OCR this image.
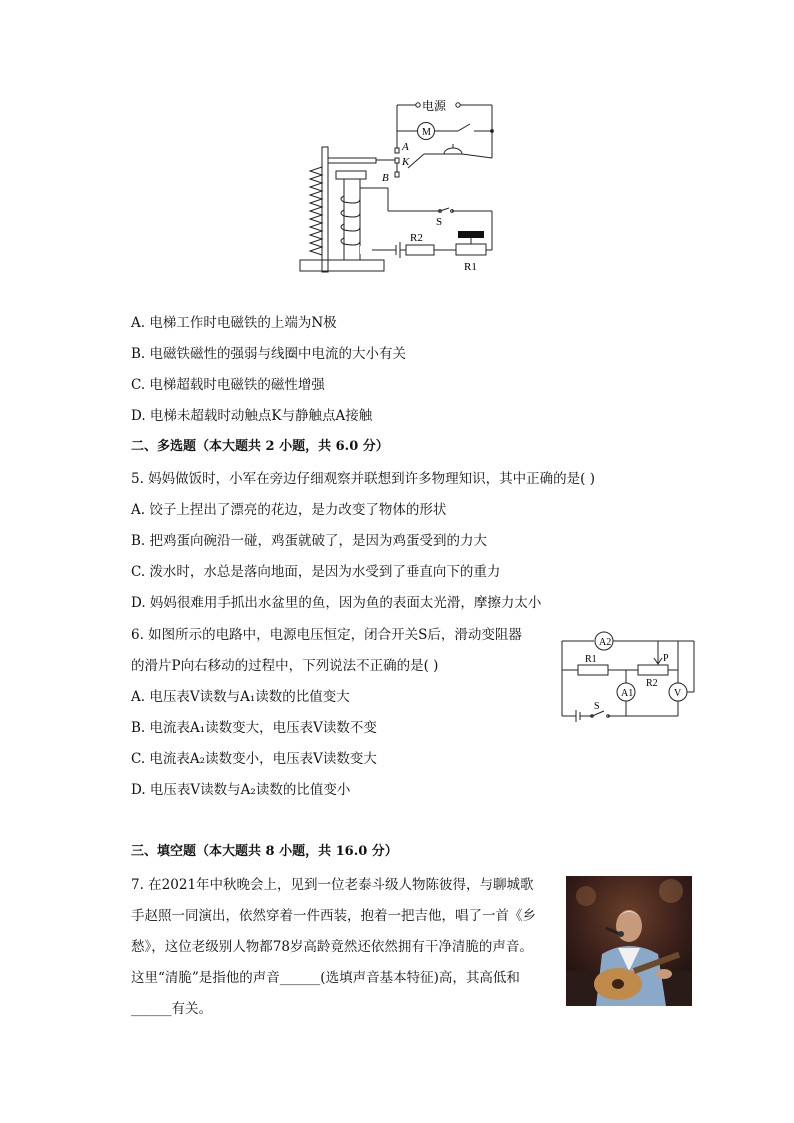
电源
M
A
K
B
S
R2
R1
A. 电梯工作时电磁铁的上端为N极
B. 电磁铁磁性的强弱与线圈中电流的大小有关
C. 电梯超载时电磁铁的磁性增强
D. 电梯未超载时动触点K与静触点A接触
二、多选题（本大题共 2 小题，共 6.0 分）
5. 妈妈做饭时，小军在旁边仔细观察并联想到许多物理知识，其中正确的是( )
A. 饺子上捏出了漂亮的花边，是力改变了物体的形状
B. 把鸡蛋向碗沿一碰，鸡蛋就破了，是因为鸡蛋受到的力大
C. 泼水时，水总是落向地面，是因为水受到了垂直向下的重力
D. 妈妈很难用手抓出水盆里的鱼，因为鱼的表面太光滑，摩擦力太小
6. 如图所示的电路中，电源电压恒定，闭合开关S后，滑动变阻器
的滑片P向右移动的过程中，下列说法不正确的是( )
A. 电压表V读数与A₁读数的比值变大
B. 电流表A₁读数变大，电压表V读数不变
C. 电流表A₂读数变小，电压表V读数变大
D. 电压表V读数与A₂读数的比值变小
A2
R1	P
A1
R2
V
S
三、填空题（本大题共 8 小题，共 16.0 分）
7. 在2021年中秋晚会上，见到一位老泰斗级人物陈彼得，与聊城歌
手赵照一同演出，依然穿着一件西装，抱着一把吉他，唱了一首《乡
愁》，这位老级别人物都78岁高龄竟然还依然拥有干净清脆的声音。
这里“清脆”是指他的声音______(选填声音基本特征)高，其高低和
______有关。
